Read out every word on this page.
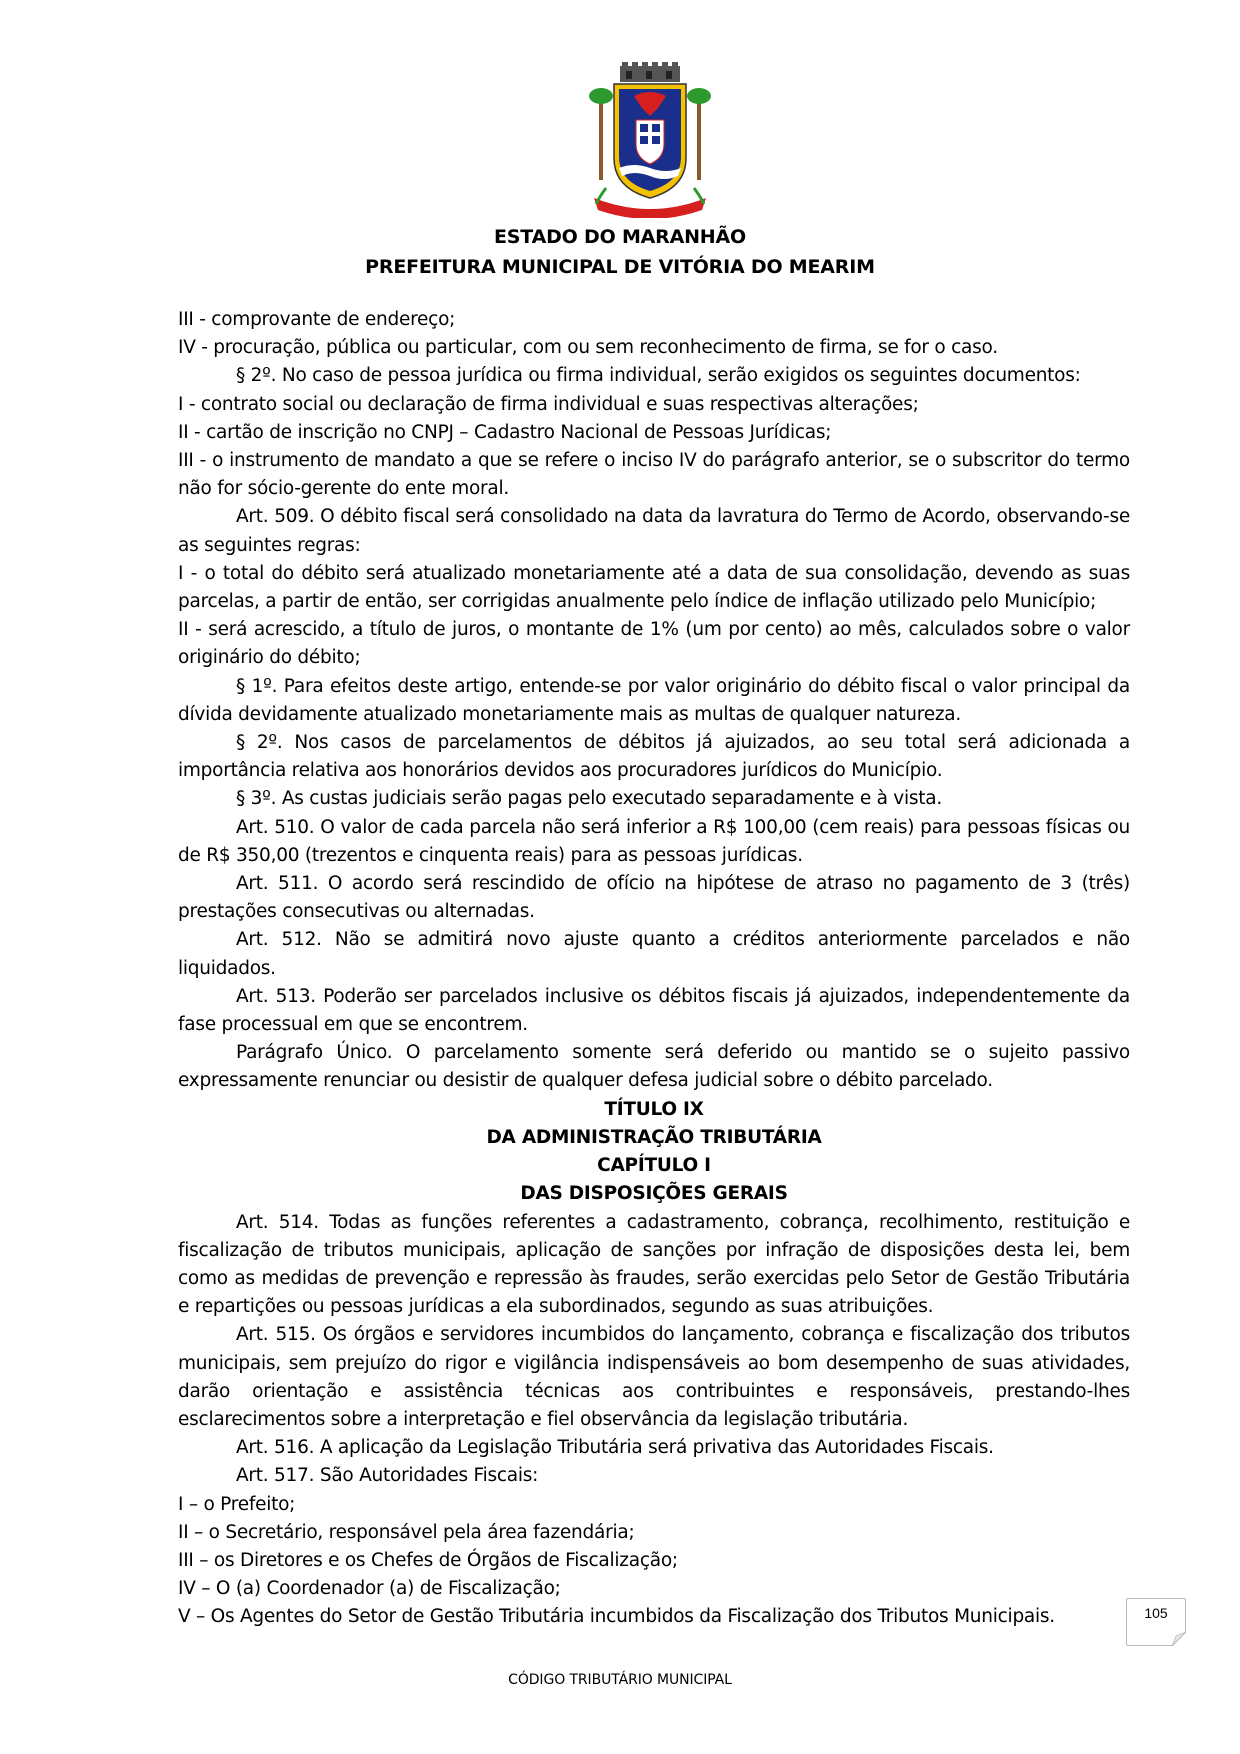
ESTADO DO MARANHÃO
PREFEITURA MUNICIPAL DE VITÓRIA DO MEARIM

III - comprovante de endereço;

IV - procuração, pública ou particular, com ou sem reconhecimento de firma, se for o caso.

§ 2º. No caso de pessoa jurídica ou firma individual, serão exigidos os seguintes documentos:

I - contrato social ou declaração de firma individual e suas respectivas alterações;

II - cartão de inscrição no CNPJ – Cadastro Nacional de Pessoas Jurídicas;

III - o instrumento de mandato a que se refere o inciso IV do parágrafo anterior, se o subscritor do termo não for sócio-gerente do ente moral.

Art. 509. O débito fiscal será consolidado na data da lavratura do Termo de Acordo, observando-se as seguintes regras:

I - o total do débito será atualizado monetariamente até a data de sua consolidação, devendo as suas parcelas, a partir de então, ser corrigidas anualmente pelo índice de inflação utilizado pelo Município;

II - será acrescido, a título de juros, o montante de 1% (um por cento) ao mês, calculados sobre o valor originário do débito;

§ 1º. Para efeitos deste artigo, entende-se por valor originário do débito fiscal o valor principal da dívida devidamente atualizado monetariamente mais as multas de qualquer natureza.

§ 2º. Nos casos de parcelamentos de débitos já ajuizados, ao seu total será adicionada a importância relativa aos honorários devidos aos procuradores jurídicos do Município.

§ 3º. As custas judiciais serão pagas pelo executado separadamente e à vista.

Art. 510. O valor de cada parcela não será inferior a R$ 100,00 (cem reais) para pessoas físicas ou de R$ 350,00 (trezentos e cinquenta reais) para as pessoas jurídicas.

Art. 511. O acordo será rescindido de ofício na hipótese de atraso no pagamento de 3 (três) prestações consecutivas ou alternadas.

Art. 512. Não se admitirá novo ajuste quanto a créditos anteriormente parcelados e não liquidados.

Art. 513. Poderão ser parcelados inclusive os débitos fiscais já ajuizados, independentemente da fase processual em que se encontrem.

Parágrafo Único. O parcelamento somente será deferido ou mantido se o sujeito passivo expressamente renunciar ou desistir de qualquer defesa judicial sobre o débito parcelado.

TÍTULO IX

DA ADMINISTRAÇÃO TRIBUTÁRIA

CAPÍTULO I

DAS DISPOSIÇÕES GERAIS

Art. 514. Todas as funções referentes a cadastramento, cobrança, recolhimento, restituição e fiscalização de tributos municipais, aplicação de sanções por infração de disposições desta lei, bem como as medidas de prevenção e repressão às fraudes, serão exercidas pelo Setor de Gestão Tributária e repartições ou pessoas jurídicas a ela subordinados, segundo as suas atribuições.

Art. 515. Os órgãos e servidores incumbidos do lançamento, cobrança e fiscalização dos tributos municipais, sem prejuízo do rigor e vigilância indispensáveis ao bom desempenho de suas atividades, darão orientação e assistência técnicas aos contribuintes e responsáveis, prestando-lhes esclarecimentos sobre a interpretação e fiel observância da legislação tributária.

Art. 516. A aplicação da Legislação Tributária será privativa das Autoridades Fiscais.

Art. 517. São Autoridades Fiscais:

I – o Prefeito;

II – o Secretário, responsável pela área fazendária;

III – os Diretores e os Chefes de Órgãos de Fiscalização;

IV – O (a) Coordenador (a) de Fiscalização;

V – Os Agentes do Setor de Gestão Tributária incumbidos da Fiscalização dos Tributos Municipais.	105
CÓDIGO TRIBUTÁRIO MUNICIPAL
